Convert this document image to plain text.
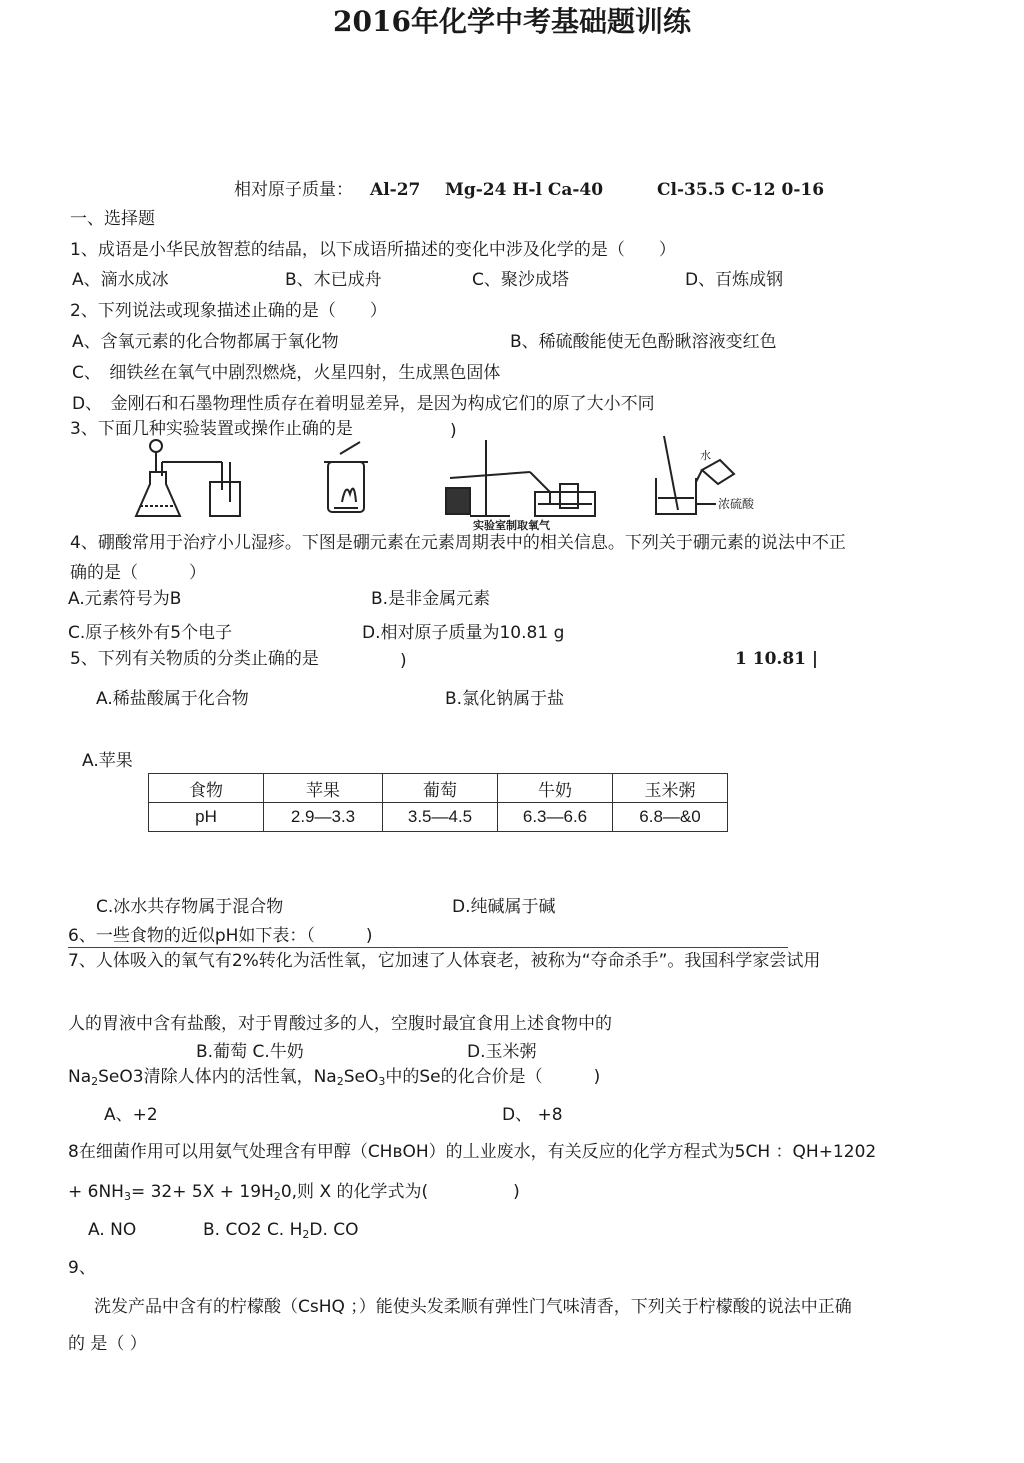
2016年化学中考基础题训练
相对原子质量： Al-27 Mg-24 H-l Ca-40	Cl-35.5 C-12 0-16
一、选择题
1、成语是小华民放智惹的结晶，以下成语所描述的变化中涉及化学的是（　　）
A、滴水成冰	B、木已成舟	C、聚沙成塔	D、百炼成钢
2、下列说法或现象描述止确的是（　　）
A、含氧元素的化合物都属于氧化物	B、稀硫酸能使无色酚瞅溶液变红色
C、　细铁丝在氧气中剧烈燃烧，火星四射，生成黑色固体
D、　金刚石和石墨物理性质存在着明显差异，是因为构成它们的原了大小不同
3、下面几种实验装置或操作止确的是	)
水
浓硫酸
实验室制取氧气
4、硼酸常用于治疗小儿湿疹。下图是硼元素在元素周期表中的相关信息。下列关于硼元素的说法中不正
确的是（　　　）
A.元素符号为B	B.是非金属元素
C.原子核外有5个电子	D.相对原子质量为10.81 g
5、下列有关物质的分类止确的是	)	1 10.81 |
A.稀盐酸属于化合物	B.氯化钠属于盐
A.苹果
食物	苹果	葡萄	牛奶	玉米粥
pH	2.9—3.3	3.5—4.5	6.3—6.6	6.8—&0
C.冰水共存物属于混合物	D.纯碱属于碱
6、一些食物的近似pH如下表：（　　　)
7、人体吸入的氧气有2%转化为活性氧，它加速了人体衰老，被称为“夺命杀手”。我国科学家尝试用
人的胃液中含有盐酸，对于胃酸过多的人，空腹时最宜食用上述食物中的
B.葡萄 C.牛奶	D.玉米粥
$Na_2SeO3$清除人体内的活性氧，$Na_2SeO_3$中的Se的化合价是（　　　)
A、+2	D、 +8
8在细菌作用可以用氨气处理含有甲醇（CHвOH）的丄业废水，有关反应的化学方程式为5CH ：QH+1202
+ $6NH_3= 32+ 5X + 19H_20$,则 X 的化学式为(　　　　　)
A. NO	B. CO2 C. $H_2D$. CO
9、
洗发产品中含有的柠檬酸（CsHQ ；）能使头发柔顺有弹性门气味清香，下列关于柠檬酸的说法中正确
的 是（ ）
